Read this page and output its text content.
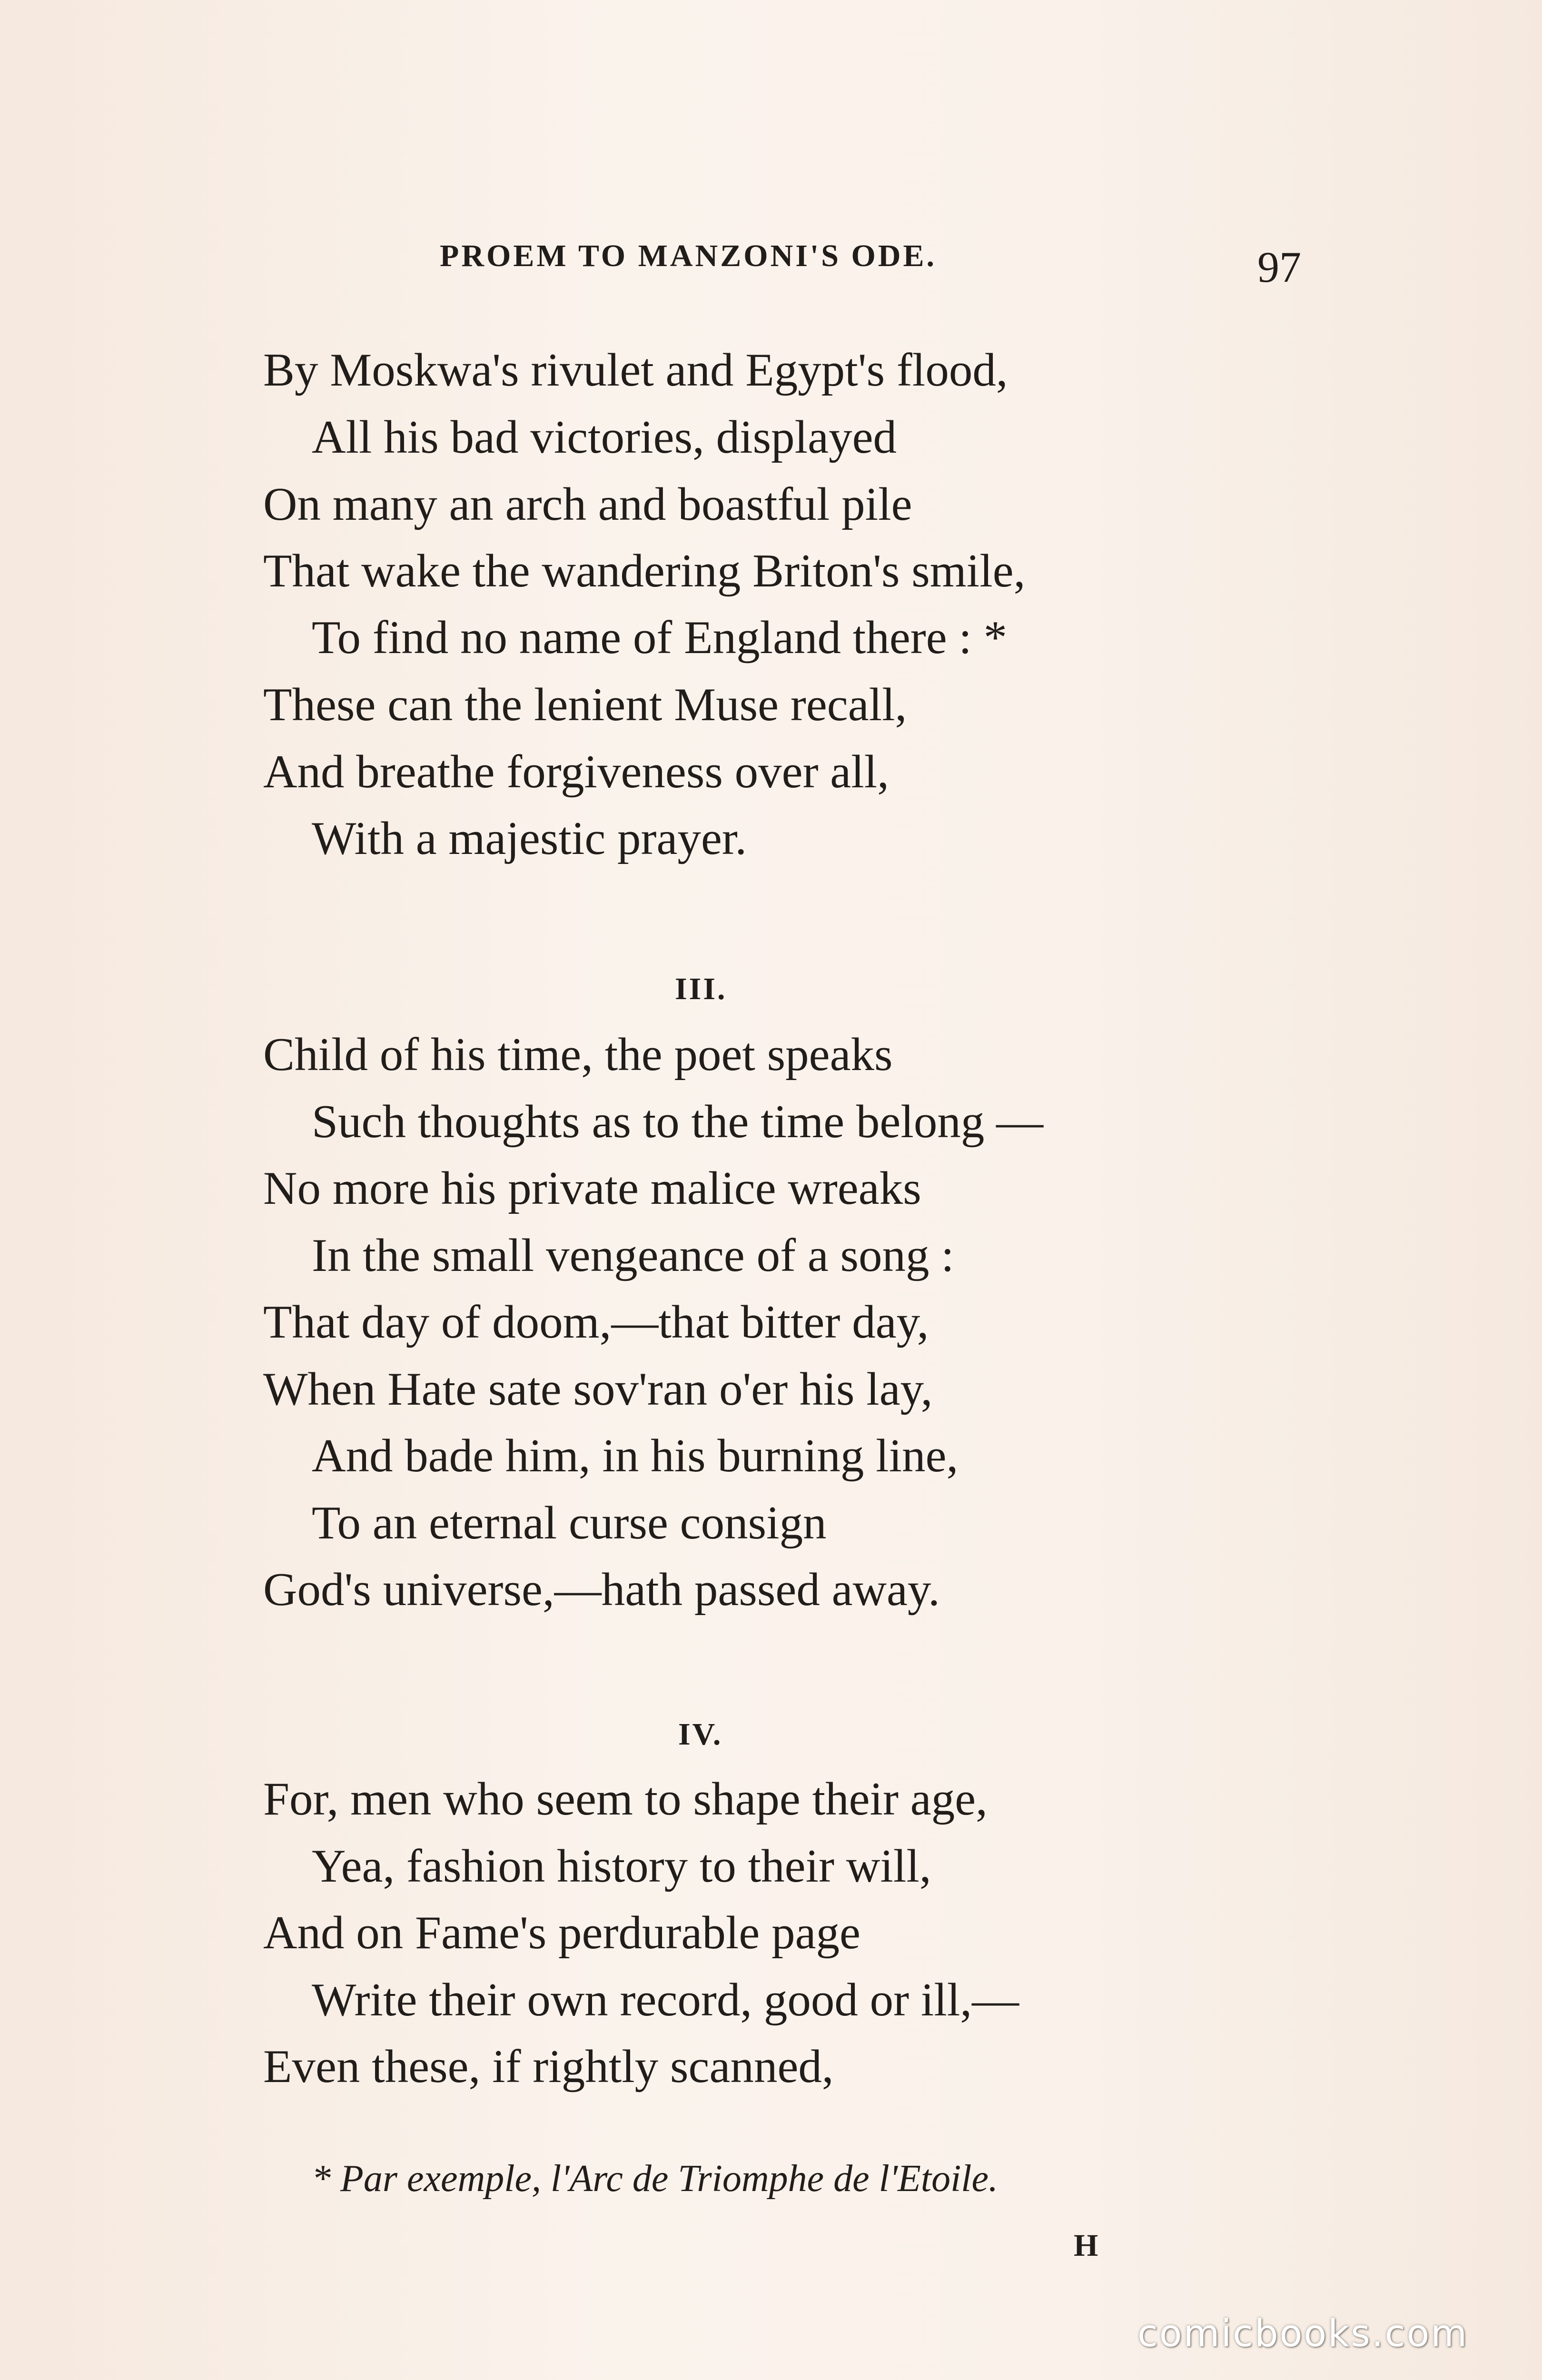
PROEM TO MANZONI'S ODE.	97
By Moskwa's rivulet and Egypt's flood,
All his bad victories, displayed
On many an arch and boastful pile
That wake the wandering Briton's smile,
To find no name of England there : *
These can the lenient Muse recall,
And breathe forgiveness over all,
With a majestic prayer.
III.
Child of his time, the poet speaks
Such thoughts as to the time belong —
No more his private malice wreaks
In the small vengeance of a song :
That day of doom,—that bitter day,
When Hate sate sov'ran o'er his lay,
And bade him, in his burning line,
To an eternal curse consign
God's universe,—hath passed away.
IV.
For, men who seem to shape their age,
Yea, fashion history to their will,
And on Fame's perdurable page
Write their own record, good or ill,—
Even these, if rightly scanned,
* Par exemple, l'Arc de Triomphe de l'Etoile.
H
comicbooks.com
